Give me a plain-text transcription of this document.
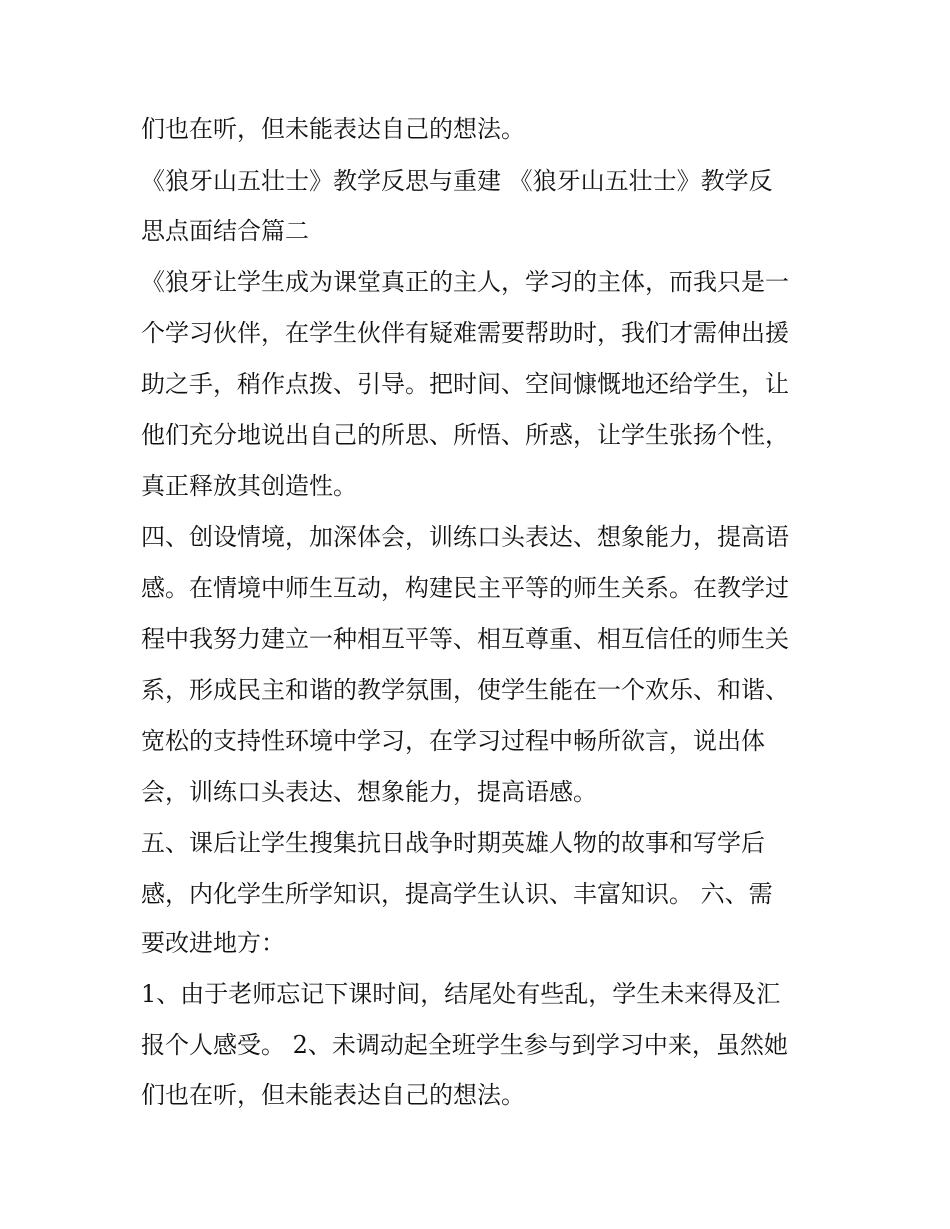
们也在听，但未能表达自己的想法。

《狼牙山五壮士》教学反思与重建 《狼牙山五壮士》教学反

思点面结合篇二

《狼牙让学生成为课堂真正的主人，学习的主体，而我只是一

个学习伙伴，在学生伙伴有疑难需要帮助时，我们才需伸出援

助之手，稍作点拨、引导。把时间、空间慷慨地还给学生，让

他们充分地说出自己的所思、所悟、所惑，让学生张扬个性，

真正释放其创造性。

四、创设情境，加深体会，训练口头表达、想象能力，提高语

感。在情境中师生互动，构建民主平等的师生关系。在教学过

程中我努力建立一种相互平等、相互尊重、相互信任的师生关

系，形成民主和谐的教学氛围，使学生能在一个欢乐、和谐、

宽松的支持性环境中学习，在学习过程中畅所欲言，说出体

会，训练口头表达、想象能力，提高语感。

五、课后让学生搜集抗日战争时期英雄人物的故事和写学后

感，内化学生所学知识，提高学生认识、丰富知识。 六、需

要改进地方：

1、由于老师忘记下课时间，结尾处有些乱，学生未来得及汇

报个人感受。 2、未调动起全班学生参与到学习中来，虽然她

们也在听，但未能表达自己的想法。
